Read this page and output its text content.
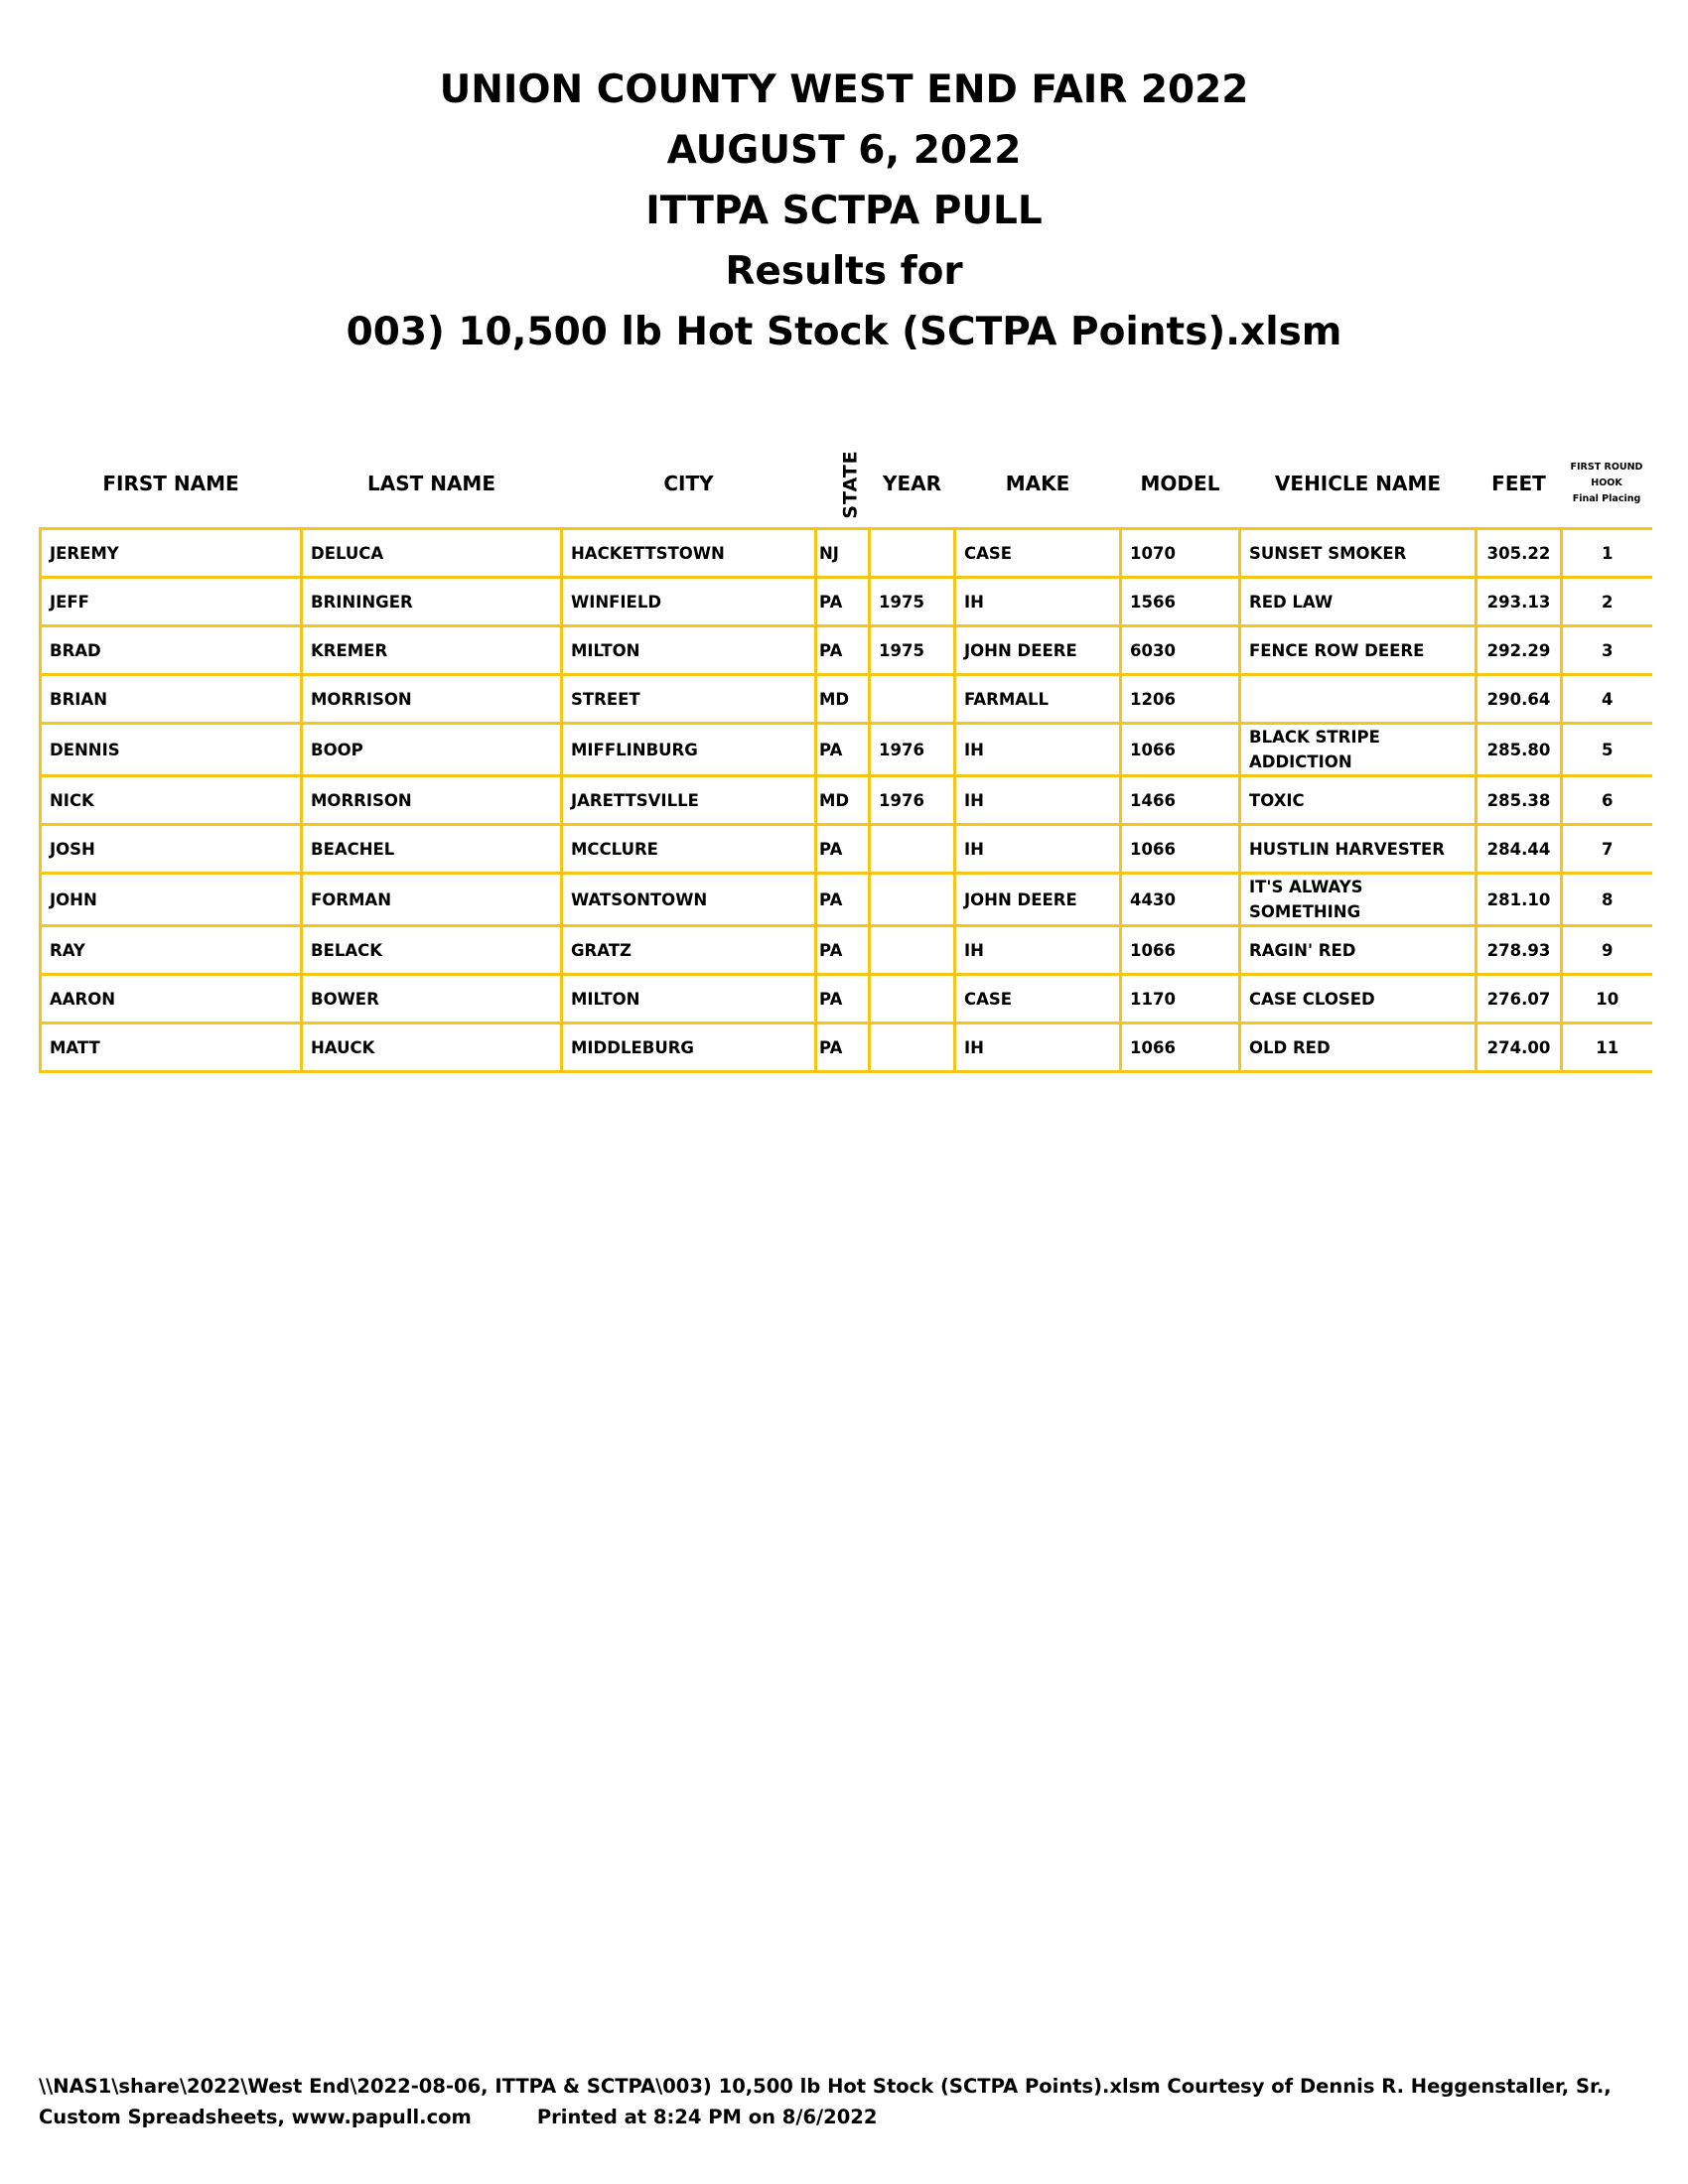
UNION COUNTY WEST END FAIR 2022
AUGUST 6, 2022
ITTPA SCTPA PULL
Results for
003) 10,500 lb Hot Stock (SCTPA Points).xlsm
FIRST NAME	LAST NAME	CITY	STATE	YEAR	MAKE	MODEL	VEHICLE NAME	FEET	FIRST ROUND
HOOK
Final Placing

JEREMY	DELUCA	HACKETTSTOWN	NJ		CASE	1070	SUNSET SMOKER	305.22	1
JEFF	BRININGER	WINFIELD	PA	1975	IH	1566	RED LAW	293.13	2
BRAD	KREMER	MILTON	PA	1975	JOHN DEERE	6030	FENCE ROW DEERE	292.29	3
BRIAN	MORRISON	STREET	MD		FARMALL	1206		290.64	4
DENNIS	BOOP	MIFFLINBURG	PA	1976	IH	1066	BLACK STRIPE ADDICTION	285.80	5
NICK	MORRISON	JARETTSVILLE	MD	1976	IH	1466	TOXIC	285.38	6
JOSH	BEACHEL	MCCLURE	PA		IH	1066	HUSTLIN HARVESTER	284.44	7
JOHN	FORMAN	WATSONTOWN	PA		JOHN DEERE	4430	IT'S ALWAYS SOMETHING	281.10	8
RAY	BELACK	GRATZ	PA		IH	1066	RAGIN' RED	278.93	9
AARON	BOWER	MILTON	PA		CASE	1170	CASE CLOSED	276.07	10
MATT	HAUCK	MIDDLEBURG	PA		IH	1066	OLD RED	274.00	11
\\NAS1\share\2022\West End\2022-08-06, ITTPA & SCTPA\003) 10,500 lb Hot Stock (SCTPA Points).xlsm Courtesy of Dennis R. Heggenstaller, Sr.,
Custom Spreadsheets, www.papull.com	Printed at 8:24 PM on 8/6/2022
